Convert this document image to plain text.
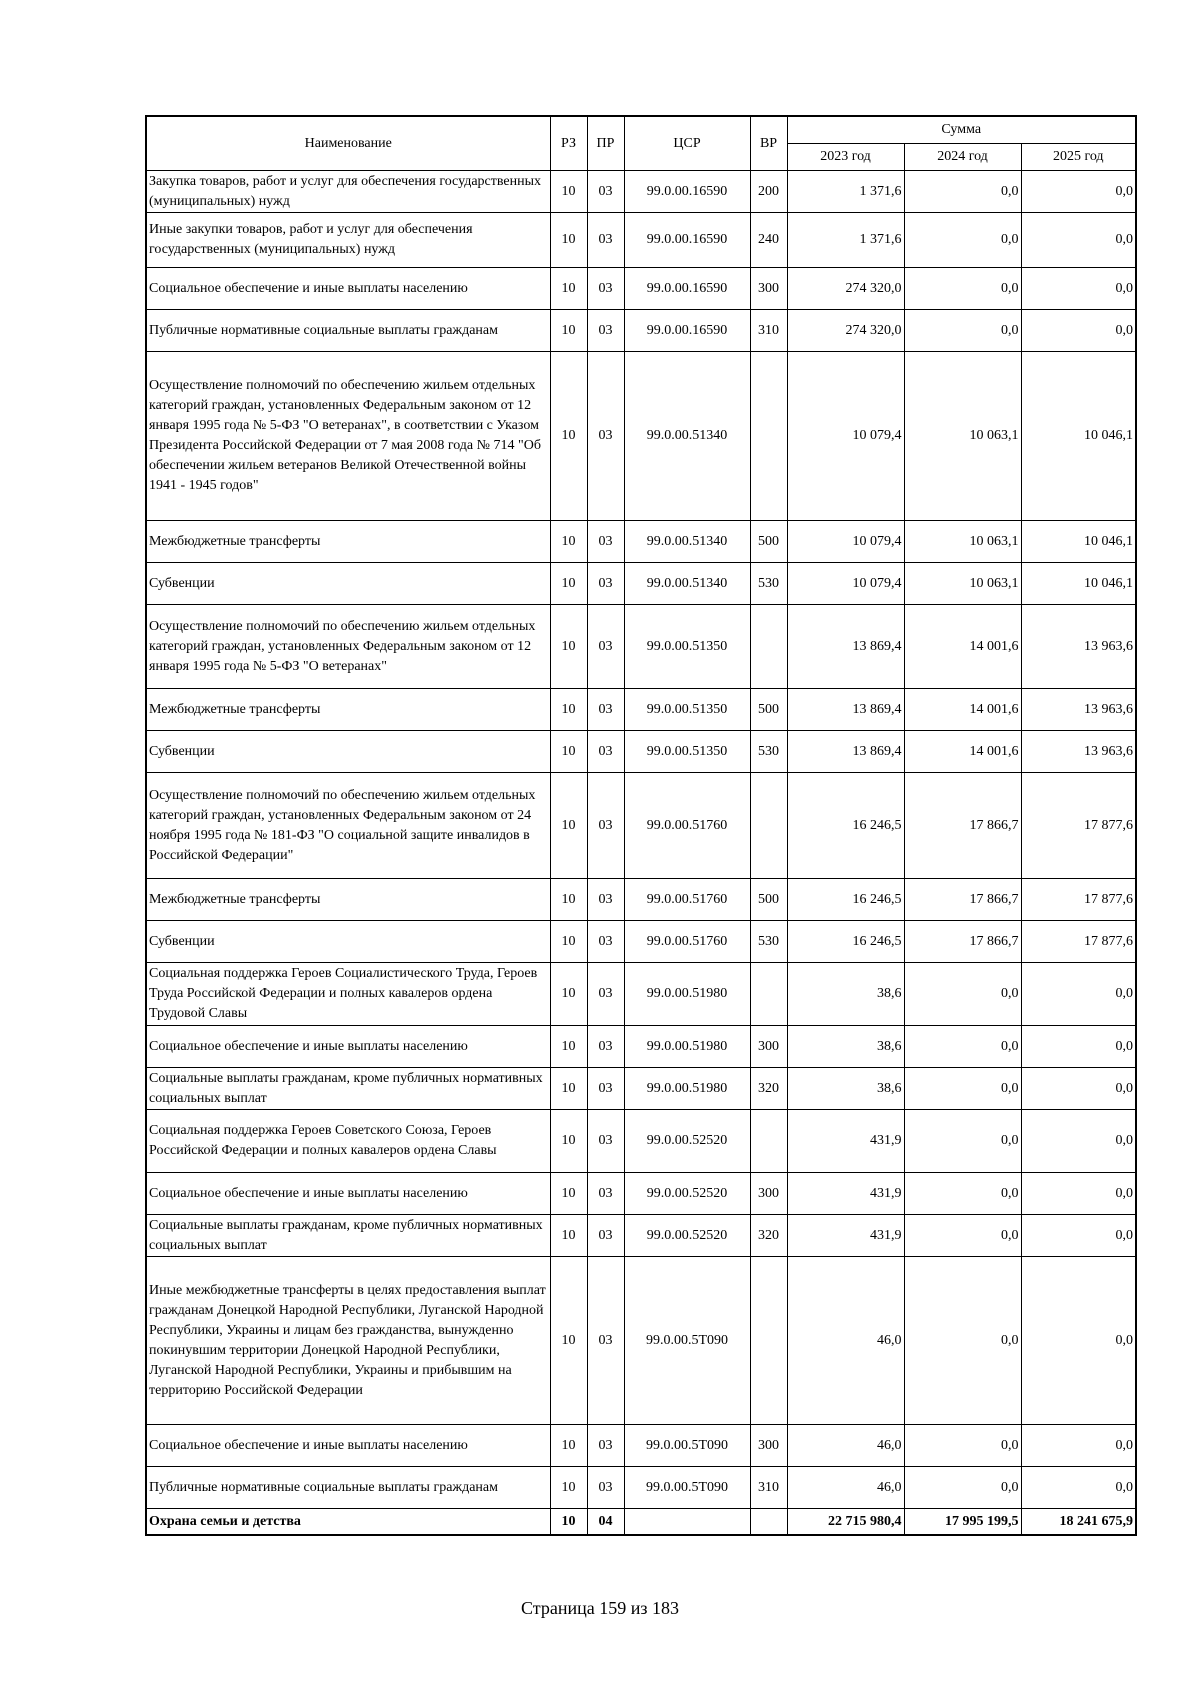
Наименование	РЗ	ПР	ЦСР	ВР	Сумма		
					2023 год	2024 год	2025 год
Закупка товаров, работ и услуг для обеспечения государственных (муниципальных) нужд	10	03	99.0.00.16590	200	1 371,6	0,0	0,0
Иные закупки товаров, работ и услуг для обеспечения государственных (муниципальных) нужд	10	03	99.0.00.16590	240	1 371,6	0,0	0,0
Социальное обеспечение и иные выплаты населению	10	03	99.0.00.16590	300	274 320,0	0,0	0,0
Публичные нормативные социальные выплаты гражданам	10	03	99.0.00.16590	310	274 320,0	0,0	0,0
Осуществление полномочий по обеспечению жильем отдельных категорий граждан, установленных Федеральным законом от 12 января 1995 года № 5-ФЗ "О ветеранах", в соответствии с Указом Президента Российской Федерации от 7 мая 2008 года № 714 "Об обеспечении жильем ветеранов Великой Отечественной войны 1941 - 1945 годов"	10	03	99.0.00.51340		10 079,4	10 063,1	10 046,1
Межбюджетные трансферты	10	03	99.0.00.51340	500	10 079,4	10 063,1	10 046,1
Субвенции	10	03	99.0.00.51340	530	10 079,4	10 063,1	10 046,1
Осуществление полномочий по обеспечению жильем отдельных категорий граждан, установленных Федеральным законом от 12 января 1995 года № 5-ФЗ "О ветеранах"	10	03	99.0.00.51350		13 869,4	14 001,6	13 963,6
Межбюджетные трансферты	10	03	99.0.00.51350	500	13 869,4	14 001,6	13 963,6
Субвенции	10	03	99.0.00.51350	530	13 869,4	14 001,6	13 963,6
Осуществление полномочий по обеспечению жильем отдельных категорий граждан, установленных Федеральным законом от 24 ноября 1995 года № 181-ФЗ "О социальной защите инвалидов в Российской Федерации"	10	03	99.0.00.51760		16 246,5	17 866,7	17 877,6
Межбюджетные трансферты	10	03	99.0.00.51760	500	16 246,5	17 866,7	17 877,6
Субвенции	10	03	99.0.00.51760	530	16 246,5	17 866,7	17 877,6
Социальная поддержка Героев Социалистического Труда, Героев Труда Российской Федерации и полных кавалеров ордена Трудовой Славы	10	03	99.0.00.51980		38,6	0,0	0,0
Социальное обеспечение и иные выплаты населению	10	03	99.0.00.51980	300	38,6	0,0	0,0
Социальные выплаты гражданам, кроме публичных нормативных социальных выплат	10	03	99.0.00.51980	320	38,6	0,0	0,0
Социальная поддержка Героев Советского Союза, Героев Российской Федерации и полных кавалеров ордена Славы	10	03	99.0.00.52520		431,9	0,0	0,0
Социальное обеспечение и иные выплаты населению	10	03	99.0.00.52520	300	431,9	0,0	0,0
Социальные выплаты гражданам, кроме публичных нормативных социальных выплат	10	03	99.0.00.52520	320	431,9	0,0	0,0
Иные межбюджетные трансферты в целях предоставления выплат гражданам Донецкой Народной Республики, Луганской Народной Республики, Украины и лицам без гражданства, вынужденно покинувшим территории Донецкой Народной Республики, Луганской Народной Республики, Украины и прибывшим на территорию Российской Федерации	10	03	99.0.00.5Т090		46,0	0,0	0,0
Социальное обеспечение и иные выплаты населению	10	03	99.0.00.5Т090	300	46,0	0,0	0,0
Публичные нормативные социальные выплаты гражданам	10	03	99.0.00.5Т090	310	46,0	0,0	0,0
Охрана семьи и детства	10	04			22 715 980,4	17 995 199,5	18 241 675,9
Страница 159 из 183
